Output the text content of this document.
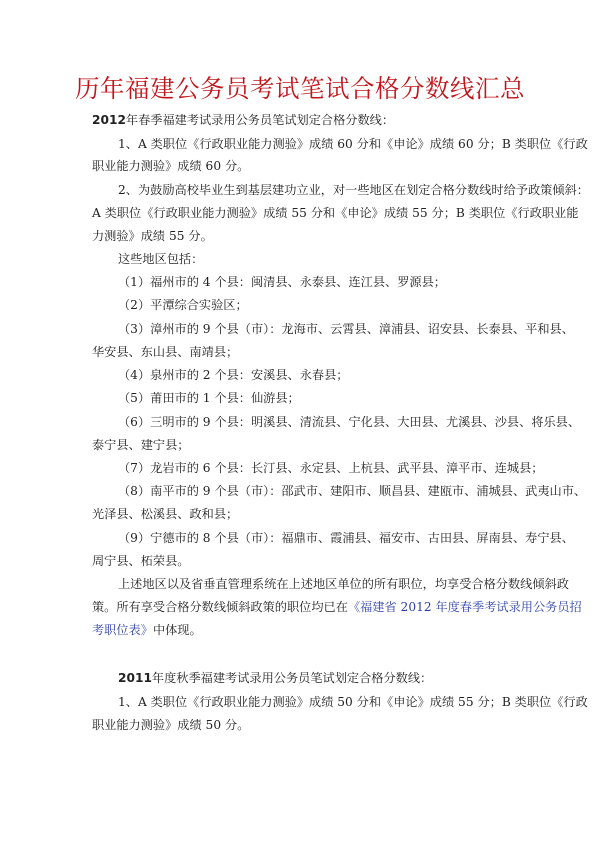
历年福建公务员考试笔试合格分数线汇总
2012年春季福建考试录用公务员笔试划定合格分数线：
1、A 类职位《行政职业能力测验》成绩 60 分和《申论》成绩 60 分；B 类职位《行政
职业能力测验》成绩 60 分。
2、为鼓励高校毕业生到基层建功立业，对一些地区在划定合格分数线时给予政策倾斜：
A 类职位《行政职业能力测验》成绩 55 分和《申论》成绩 55 分；B 类职位《行政职业能
力测验》成绩 55 分。
这些地区包括：
（1）福州市的 4 个县：闽清县、永泰县、连江县、罗源县；
（2）平潭综合实验区；
（3）漳州市的 9 个县（市）：龙海市、云霄县、漳浦县、诏安县、长泰县、平和县、
华安县、东山县、南靖县；
（4）泉州市的 2 个县：安溪县、永春县；
（5）莆田市的 1 个县：仙游县；
（6）三明市的 9 个县：明溪县、清流县、宁化县、大田县、尤溪县、沙县、将乐县、
泰宁县、建宁县；
（7）龙岩市的 6 个县：长汀县、永定县、上杭县、武平县、漳平市、连城县；
（8）南平市的 9 个县（市）：邵武市、建阳市、顺昌县、建瓯市、浦城县、武夷山市、
光泽县、松溪县、政和县；
（9）宁德市的 8 个县（市）：福鼎市、霞浦县、福安市、古田县、屏南县、寿宁县、
周宁县、柘荣县。
上述地区以及省垂直管理系统在上述地区单位的所有职位，均享受合格分数线倾斜政
策。所有享受合格分数线倾斜政策的职位均已在《福建省 2012 年度春季考试录用公务员招
考职位表》中体现。
2011年度秋季福建考试录用公务员笔试划定合格分数线：
1、A 类职位《行政职业能力测验》成绩 50 分和《申论》成绩 55 分；B 类职位《行政
职业能力测验》成绩 50 分。
